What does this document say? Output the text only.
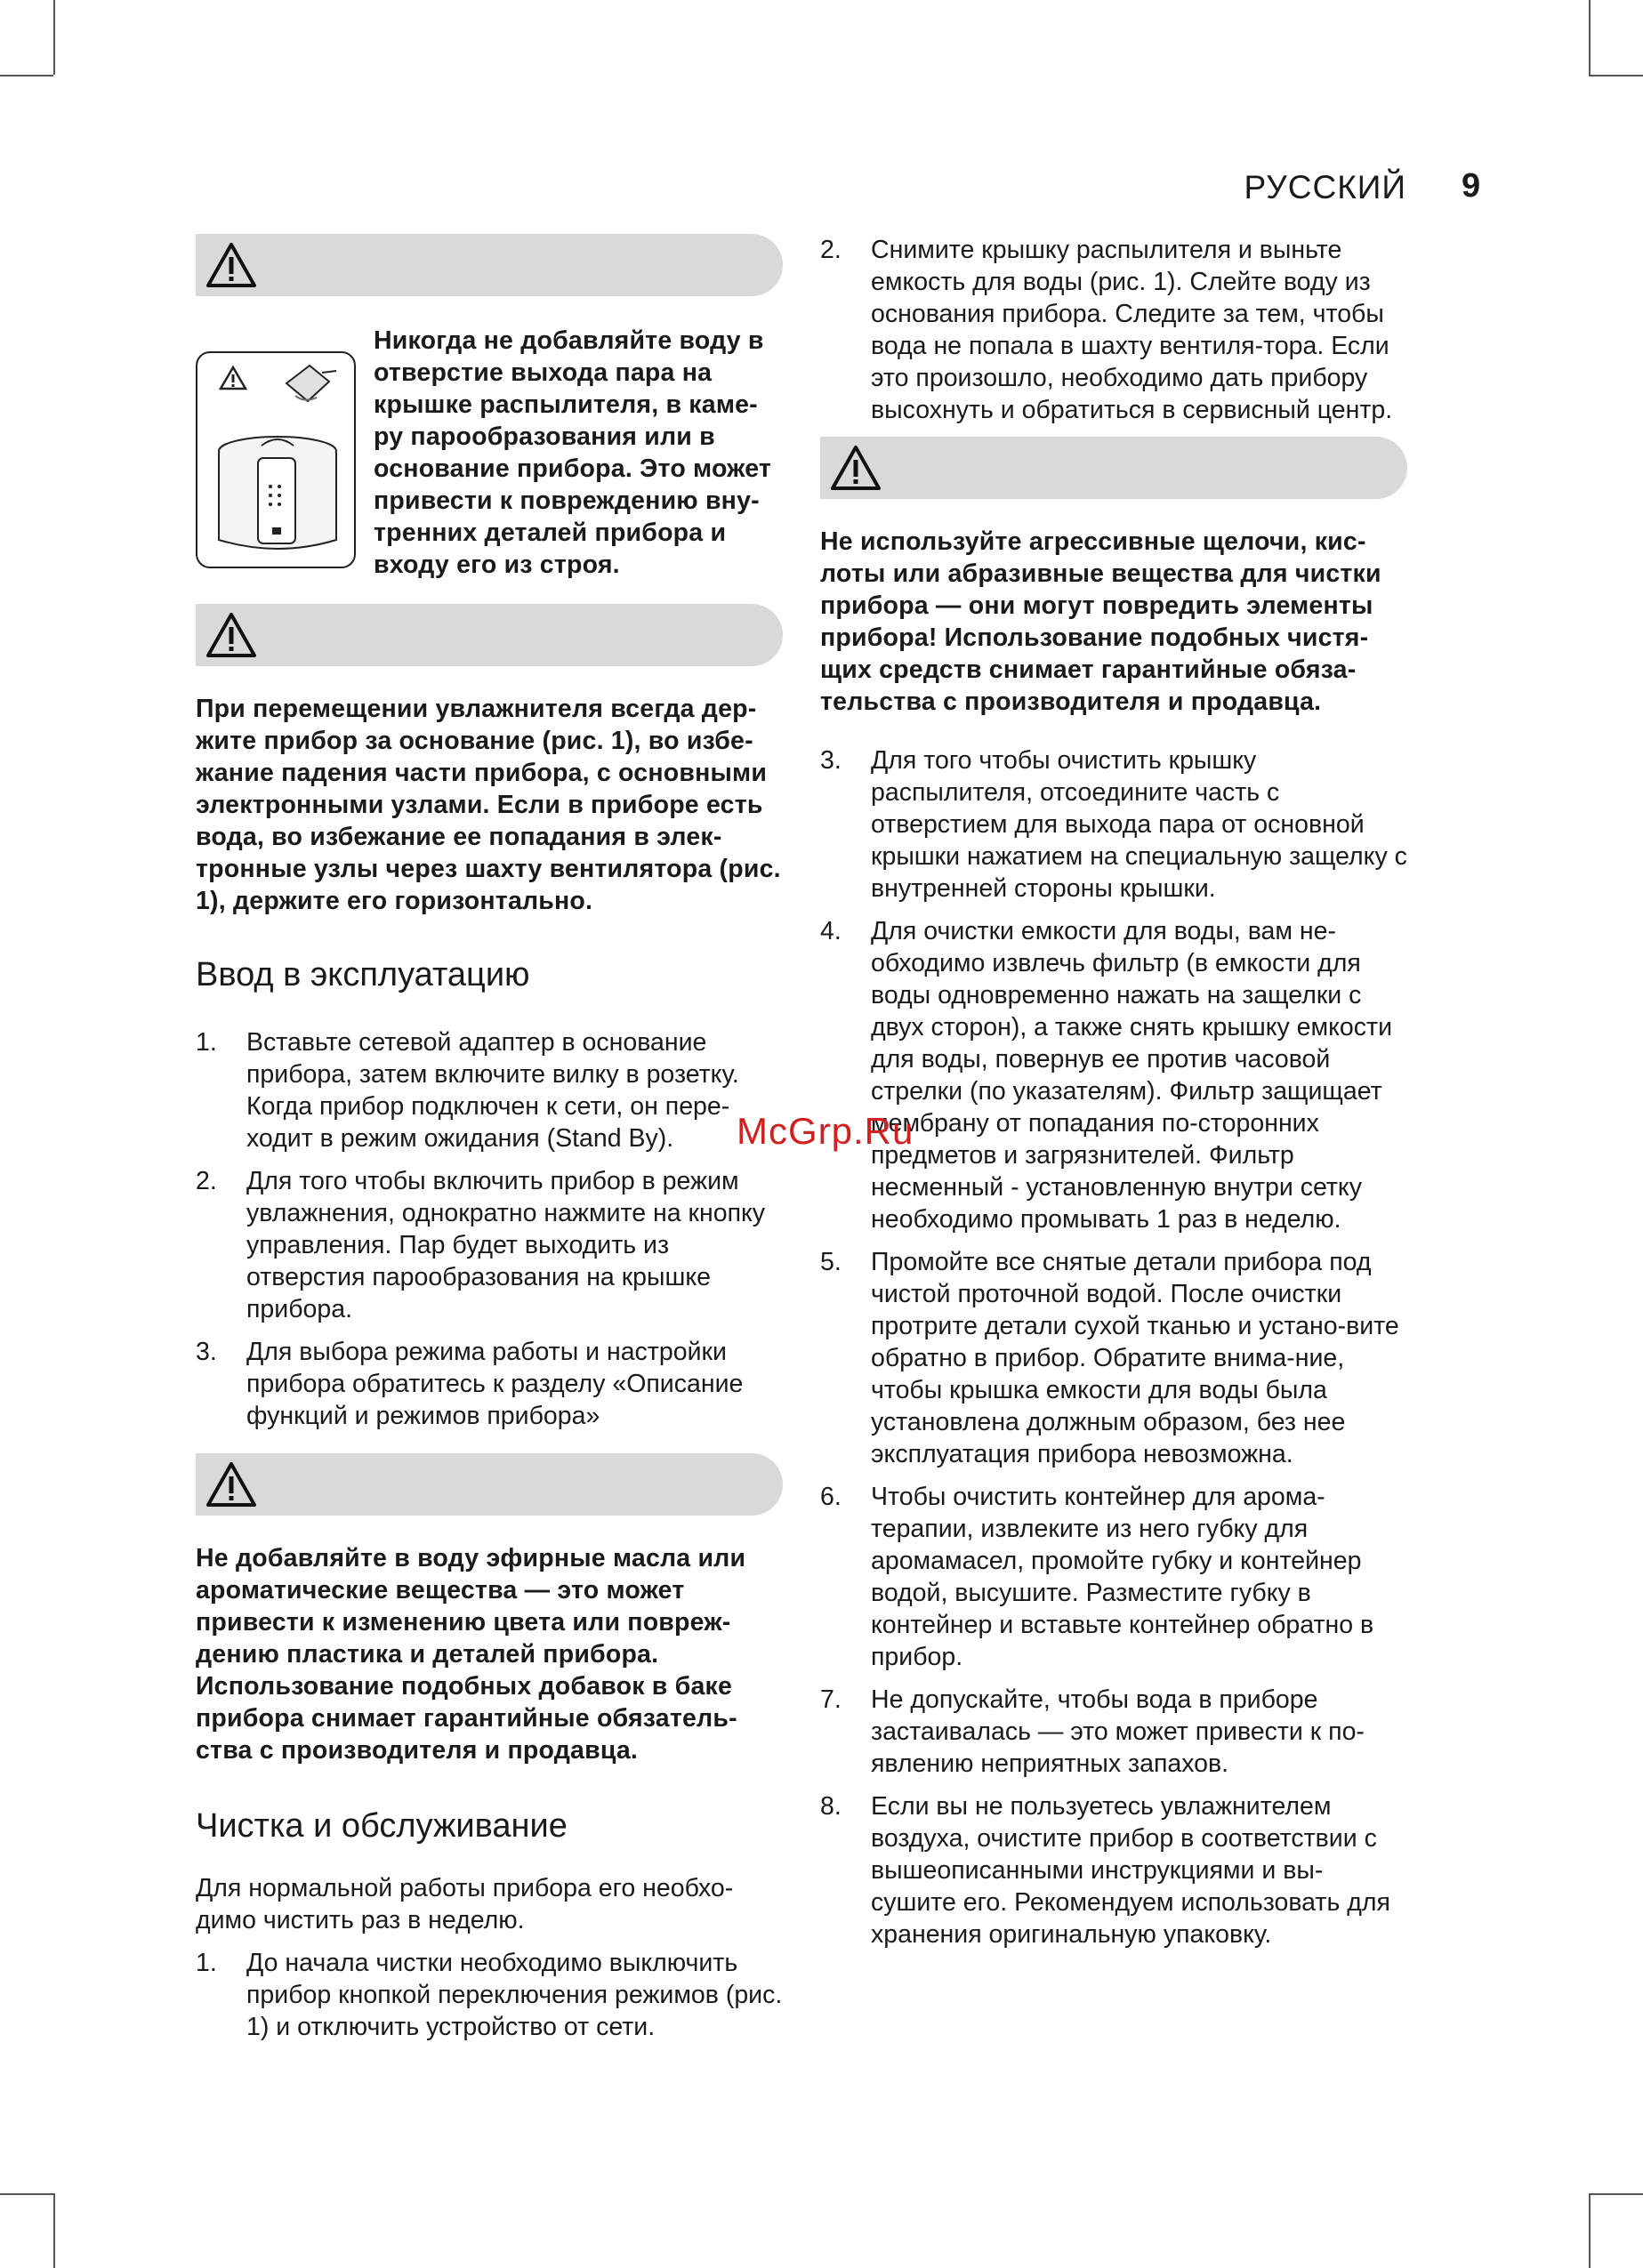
РУССКИЙ 9

Никогда не добавляйте воду в отверстие выхода пара на крышке распылителя, в каме-ру парообразования или в основание прибора. Это может привести к повреждению вну-тренних деталей прибора и входу его из строя.

При перемещении увлажнителя всегда дер-жите прибор за основание (рис. 1), во избе-жание падения части прибора, с основными электронными узлами. Если в приборе есть вода, во избежание ее попадания в элек-тронные узлы через шахту вентилятора (рис. 1), держите его горизонтально.

Ввод в эксплуатацию
1. Вставьте сетевой адаптер в основание прибора, затем включите вилку в розетку. Когда прибор подключен к сети, он пере-ходит в режим ожидания (Stand By).
2. Для того чтобы включить прибор в режим увлажнения, однократно нажмите на кнопку управления. Пар будет выходить из отверстия парообразования на крышке прибора.
3. Для выбора режима работы и настройки прибора обратитесь к разделу «Описание функций и режимов прибора»

Не добавляйте в воду эфирные масла или ароматические вещества — это может привести к изменению цвета или повреж-дению пластика и деталей прибора. Использование подобных добавок в баке прибора снимает гарантийные обязатель-ства с производителя и продавца.

Чистка и обслуживание

Для нормальной работы прибора его необхо-димо чистить раз в неделю.

1. До начала чистки необходимо выключить прибор кнопкой переключения режимов (рис. 1) и отключить устройство от сети.
2. Снимите крышку распылителя и выньте емкость для воды (рис. 1). Слейте воду из основания прибора. Следите за тем, чтобы вода не попала в шахту вентиля-тора. Если это произошло, необходимо дать прибору высохнуть и обратиться в сервисный центр.

Не используйте агрессивные щелочи, кис-лоты или абразивные вещества для чистки прибора — они могут повредить элементы прибора! Использование подобных чистя-щих средств снимает гарантийные обяза-тельства с производителя и продавца.

3. Для того чтобы очистить крышку распылителя, отсоедините часть с отверстием для выхода пара от основной крышки нажатием на специальную защелку с внутренней стороны крышки.
4. Для очистки емкости для воды, вам не-обходимо извлечь фильтр (в емкости для воды одновременно нажать на защелки с двух сторон), а также снять крышку емкости для воды, повернув ее против часовой стрелки (по указателям). Фильтр защищает мембрану от попадания по-сторонних предметов и загрязнителей. Фильтр несменный - установленную внутри сетку необходимо промывать 1 раз в неделю.
5. Промойте все снятые детали прибора под чистой проточной водой. После очистки протрите детали сухой тканью и устано-вите обратно в прибор. Обратите внима-ние, чтобы крышка емкости для воды была установлена должным образом, без нее эксплуатация прибора невозможна.
6. Чтобы очистить контейнер для арома-терапии, извлеките из него губку для аромамасел, промойте губку и контейнер водой, высушите. Разместите губку в контейнер и вставьте контейнер обратно в прибор.
7. Не допускайте, чтобы вода в приборе застаивалась — это может привести к по-явлению неприятных запахов.
8. Если вы не пользуетесь увлажнителем воздуха, очистите прибор в соответствии с вышеописанными инструкциями и вы-сушите его. Рекомендуем использовать для хранения оригинальную упаковку.
McGrp.Ru
